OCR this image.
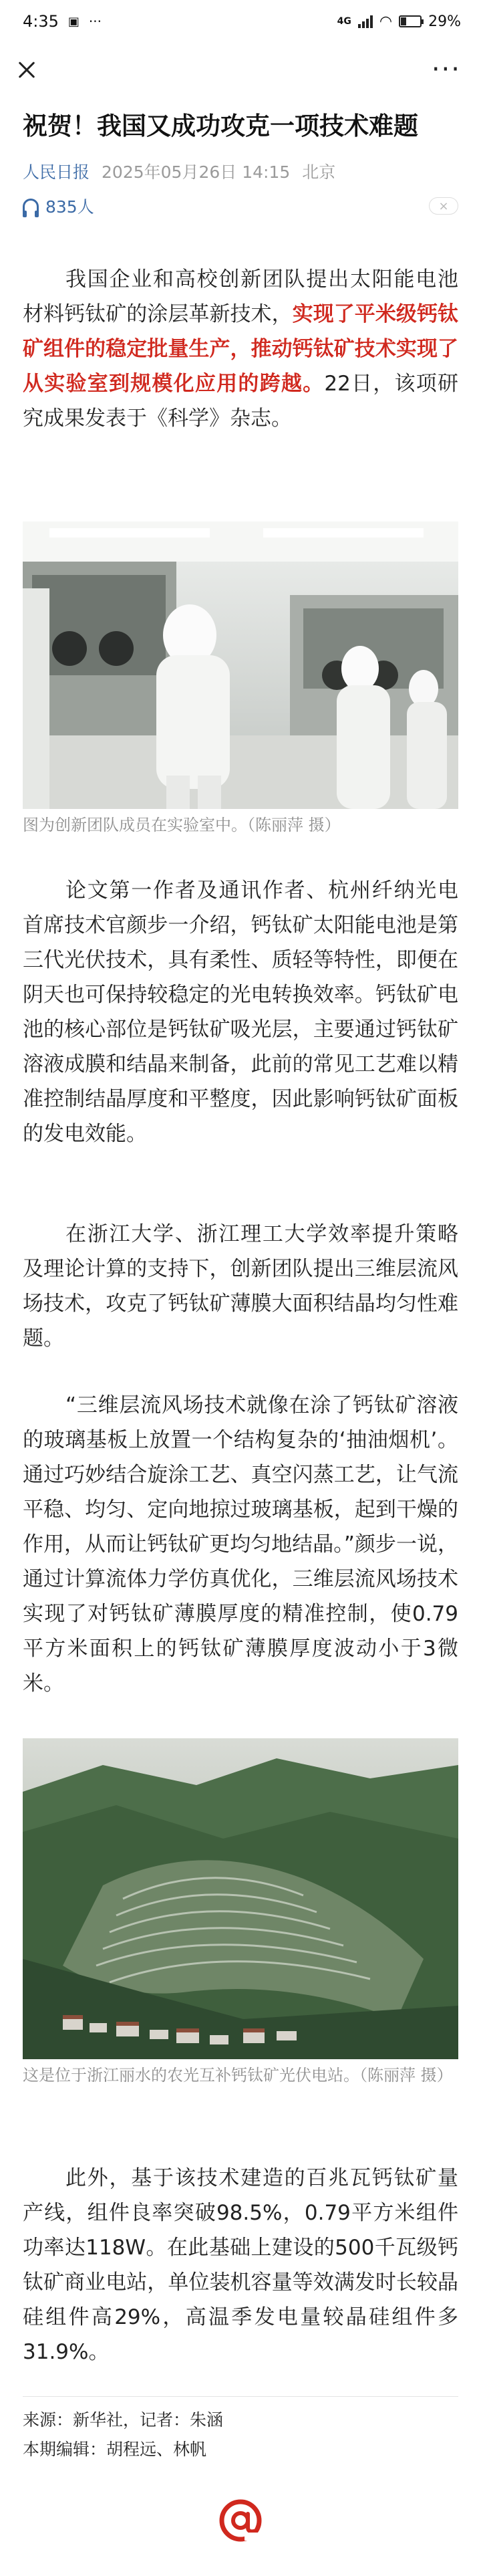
4:35 ▣ ···	4G ◠ 29%
···
祝贺！我国又成功攻克一项技术难题
人民日报 2025年05月26日 14:15 北京
835人	×

我国企业和高校创新团队提出太阳能电池材料钙钛矿的涂层革新技术，实现了平米级钙钛矿组件的稳定批量生产，推动钙钛矿技术实现了从实验室到规模化应用的跨越。22日，该项研究成果发表于《科学》杂志。

图为创新团队成员在实验室中。（陈丽萍 摄）

论文第一作者及通讯作者、杭州纤纳光电首席技术官颜步一介绍，钙钛矿太阳能电池是第三代光伏技术，具有柔性、质轻等特性，即便在阴天也可保持较稳定的光电转换效率。钙钛矿电池的核心部位是钙钛矿吸光层，主要通过钙钛矿溶液成膜和结晶来制备，此前的常见工艺难以精准控制结晶厚度和平整度，因此影响钙钛矿面板的发电效能。

在浙江大学、浙江理工大学效率提升策略及理论计算的支持下，创新团队提出三维层流风场技术，攻克了钙钛矿薄膜大面积结晶均匀性难题。

“三维层流风场技术就像在涂了钙钛矿溶液的玻璃基板上放置一个结构复杂的‘抽油烟机’。通过巧妙结合旋涂工艺、真空闪蒸工艺，让气流平稳、均匀、定向地掠过玻璃基板，起到干燥的作用，从而让钙钛矿更均匀地结晶。”颜步一说，通过计算流体力学仿真优化，三维层流风场技术实现了对钙钛矿薄膜厚度的精准控制，使0.79平方米面积上的钙钛矿薄膜厚度波动小于3微米。

这是位于浙江丽水的农光互补钙钛矿光伏电站。（陈丽萍 摄）

此外，基于该技术建造的百兆瓦钙钛矿量产线，组件良率突破98.5%，0.79平方米组件功率达118W。在此基础上建设的500千瓦级钙钛矿商业电站，单位装机容量等效满发时长较晶硅组件高29%，高温季发电量较晶硅组件多31.9%。

来源：新华社，记者：朱涵
本期编辑：胡程远、林帆
